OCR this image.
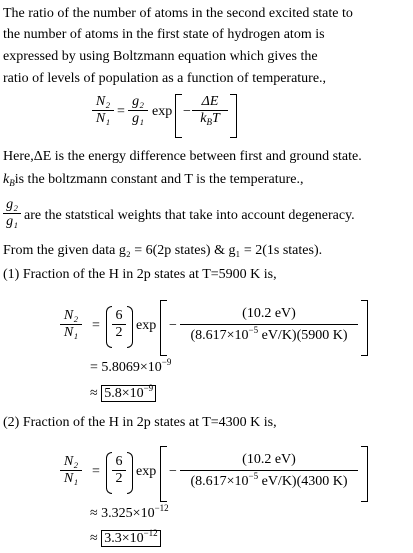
The ratio of the number of atoms in the second excited state to
the number of atoms in the first state of hydrogen atom is
expressed by using Boltzmann equation which gives the
ratio of levels of population as a function of temperature.,
N₂
N₁ =
g₂
g₁ exp −
ΔE
$k_BT$
Here,ΔE is the energy difference between first and ground state.
$k_Bis$ the boltzmann constant and T is the temperature.,
g₂
g₁ are the statstical weights that take into account degeneracy.
From the given data g₂ = 6(2p states) & g₁ = 2(1s states).
(1) Fraction of the H in 2p states at T=5900 K is,
N₂
N₁ =
6
2 exp −
(10.2 eV)
($8.617\times 10^{-5}$ eV/K)(5900 K)
= $5.8069\times 10^{-9}$
≈ $5.8\times 10^{-9}$
(2) Fraction of the H in 2p states at T=4300 K is,
N₂
N₁ =
6
2 exp −
(10.2 eV)
($8.617\times 10^{-5}$ eV/K)(4300 K)
≈ $3.325\times 10^{-12}$
≈ $3.3\times 10^{-12}$
